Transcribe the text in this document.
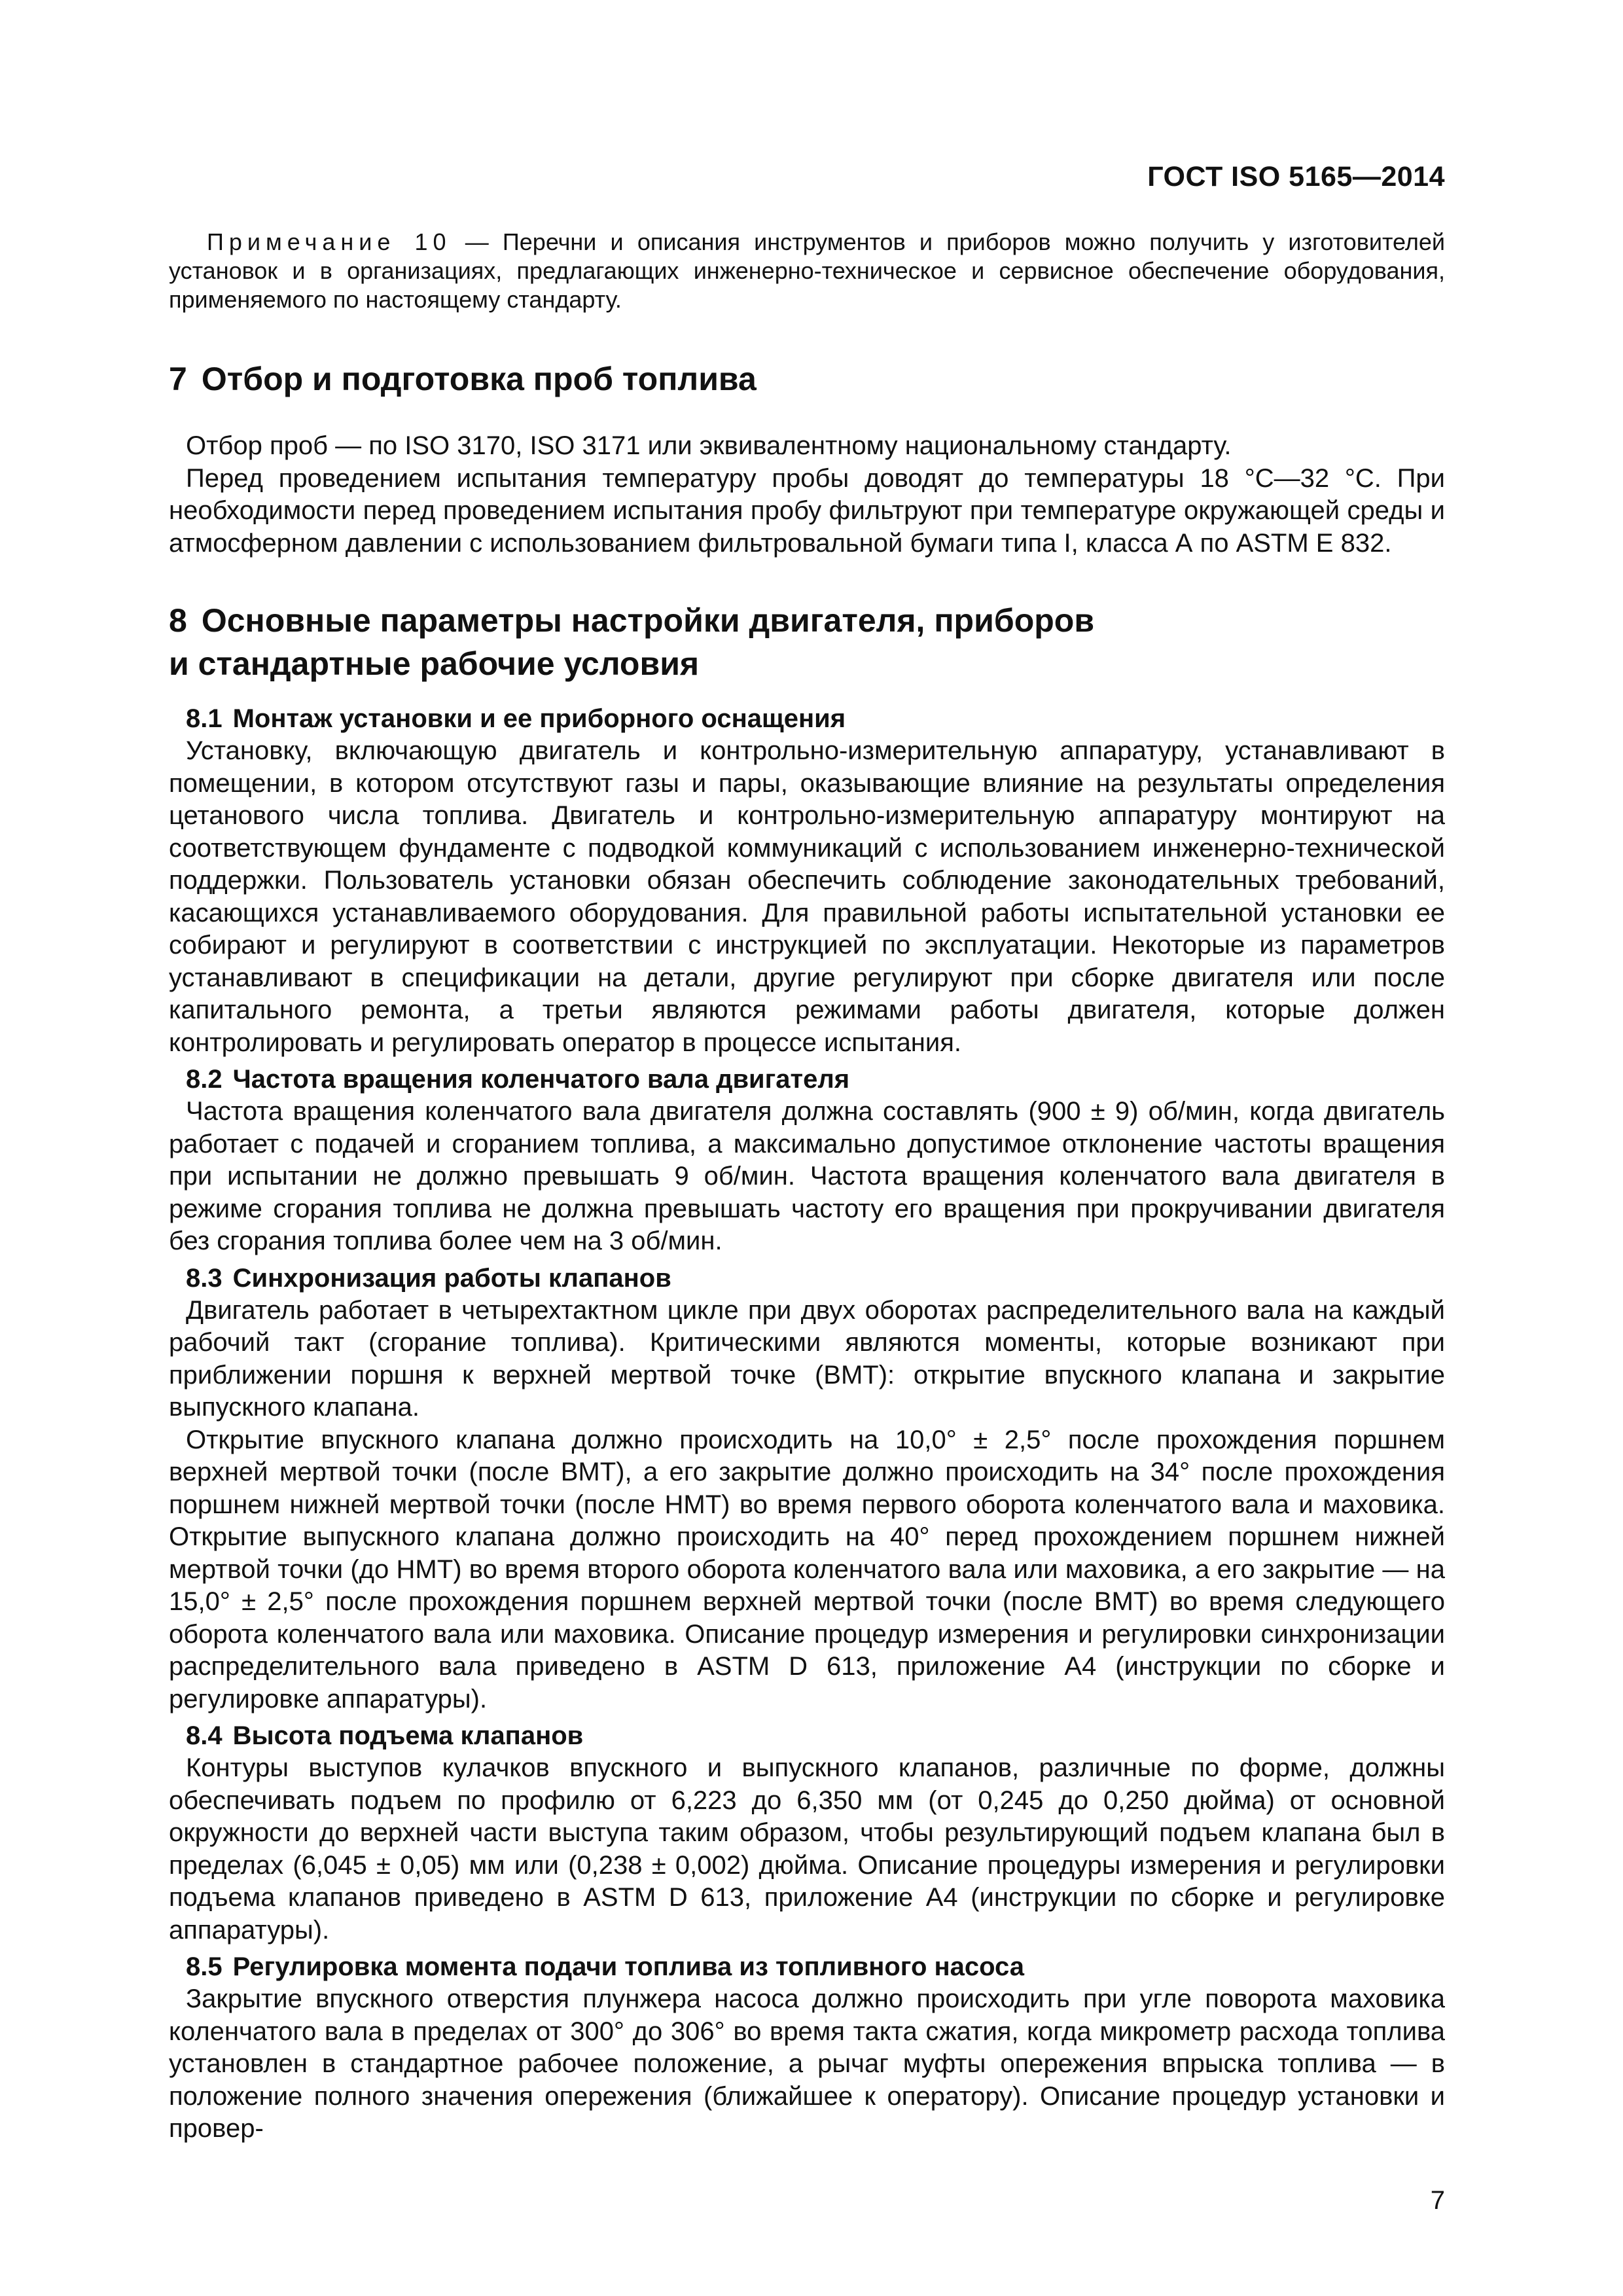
ГОСТ ISO 5165—2014

Примечание 10 — Перечни и описания инструментов и приборов можно получить у изготовителей установок и в организациях, предлагающих инженерно-техническое и сервисное обеспечение оборудования, применяемого по настоящему стандарту.

7 Отбор и подготовка проб топлива

Отбор проб — по ISO 3170, ISO 3171 или эквивалентному национальному стандарту.

Перед проведением испытания температуру пробы доводят до температуры 18 °С—32 °С. При необходимости перед проведением испытания пробу фильтруют при температуре окружающей среды и атмосферном давлении с использованием фильтровальной бумаги типа I, класса А по ASTM Е 832.

8 Основные параметры настройки двигателя, приборов
и стандартные рабочие условия
8.1 Монтаж установки и ее приборного оснащения

Установку, включающую двигатель и контрольно-измерительную аппаратуру, устанавливают в помещении, в котором отсутствуют газы и пары, оказывающие влияние на результаты определения цетанового числа топлива. Двигатель и контрольно-измерительную аппаратуру монтируют на соответствующем фундаменте с подводкой коммуникаций с использованием инженерно-технической поддержки. Пользователь установки обязан обеспечить соблюдение законодательных требований, касающихся устанавливаемого оборудования. Для правильной работы испытательной установки ее собирают и регулируют в соответствии с инструкцией по эксплуатации. Некоторые из параметров устанавливают в спецификации на детали, другие регулируют при сборке двигателя или после капитального ремонта, а третьи являются режимами работы двигателя, которые должен контролировать и регулировать оператор в процессе испытания.

8.2 Частота вращения коленчатого вала двигателя

Частота вращения коленчатого вала двигателя должна составлять (900 ± 9) об/мин, когда двигатель работает с подачей и сгоранием топлива, а максимально допустимое отклонение частоты вращения при испытании не должно превышать 9 об/мин. Частота вращения коленчатого вала двигателя в режиме сгорания топлива не должна превышать частоту его вращения при прокручивании двигателя без сгорания топлива более чем на 3 об/мин.

8.3 Синхронизация работы клапанов

Двигатель работает в четырехтактном цикле при двух оборотах распределительного вала на каждый рабочий такт (сгорание топлива). Критическими являются моменты, которые возникают при приближении поршня к верхней мертвой точке (ВМТ): открытие впускного клапана и закрытие выпускного клапана.

Открытие впускного клапана должно происходить на 10,0° ± 2,5° после прохождения поршнем верхней мертвой точки (после ВМТ), а его закрытие должно происходить на 34° после прохождения поршнем нижней мертвой точки (после НМТ) во время первого оборота коленчатого вала и маховика. Открытие выпускного клапана должно происходить на 40° перед прохождением поршнем нижней мертвой точки (до НМТ) во время второго оборота коленчатого вала или маховика, а его закрытие — на 15,0° ± 2,5° после прохождения поршнем верхней мертвой точки (после ВМТ) во время следующего оборота коленчатого вала или маховика. Описание процедур измерения и регулировки синхронизации распределительного вала приведено в ASTM D 613, приложение А4 (инструкции по сборке и регулировке аппаратуры).

8.4 Высота подъема клапанов

Контуры выступов кулачков впускного и выпускного клапанов, различные по форме, должны обеспечивать подъем по профилю от 6,223 до 6,350 мм (от 0,245 до 0,250 дюйма) от основной окружности до верхней части выступа таким образом, чтобы результирующий подъем клапана был в пределах (6,045 ± 0,05) мм или (0,238 ± 0,002) дюйма. Описание процедуры измерения и регулировки подъема клапанов приведено в ASTM D 613, приложение А4 (инструкции по сборке и регулировке аппаратуры).

8.5 Регулировка момента подачи топлива из топливного насоса

Закрытие впускного отверстия плунжера насоса должно происходить при угле поворота маховика коленчатого вала в пределах от 300° до 306° во время такта сжатия, когда микрометр расхода топлива установлен в стандартное рабочее положение, а рычаг муфты опережения впрыска топлива — в положение полного значения опережения (ближайшее к оператору). Описание процедур установки и провер-

7
